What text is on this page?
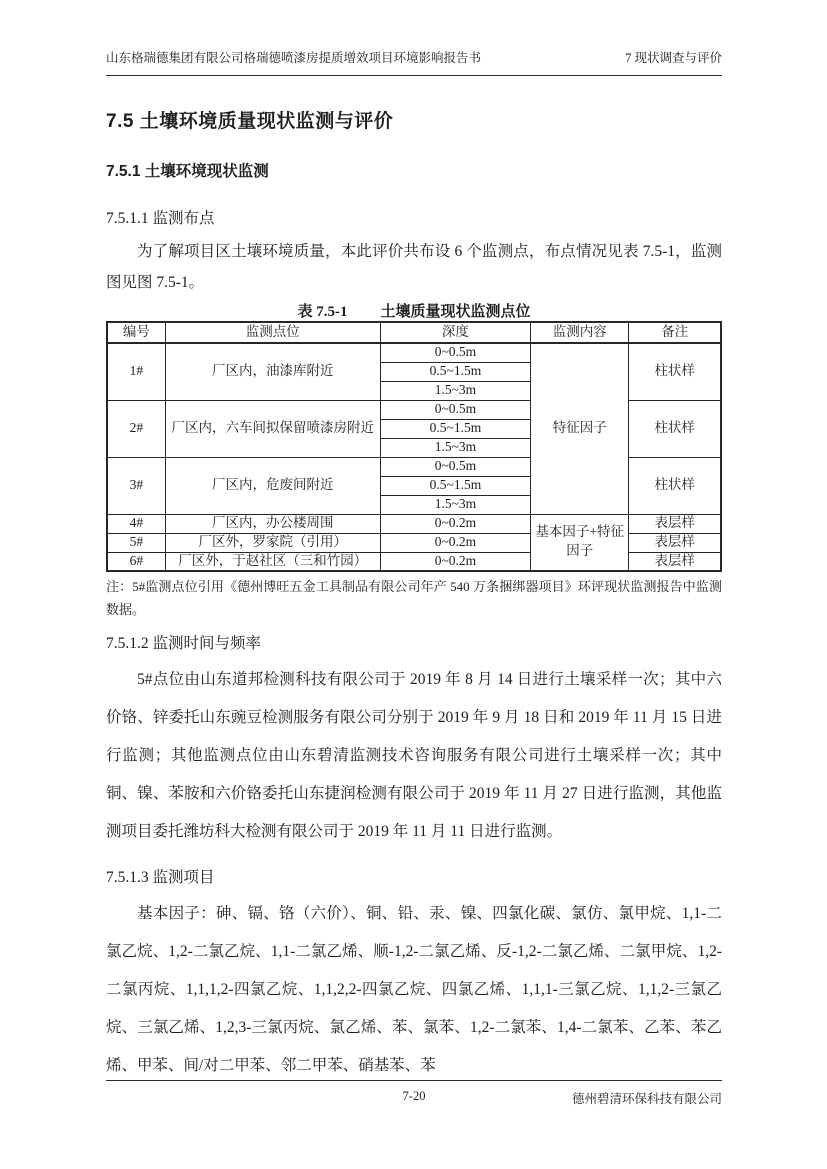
山东格瑞德集团有限公司格瑞德喷漆房提质增效项目环境影响报告书	7 现状调查与评价
7.5 土壤环境质量现状监测与评价
7.5.1 土壤环境现状监测
7.5.1.1 监测布点

为了解项目区土壤环境质量，本此评价共布设 6 个监测点，布点情况见表 7.5-1，监测图见图 7.5-1。

表 7.5-1 土壤质量现状监测点位
编号	监测点位	深度	监测内容	备注
1#	厂区内，油漆库附近	0~0.5m	特征因子	柱状样
		0.5~1.5m		
		1.5~3m		
2#	厂区内，六车间拟保留喷漆房附近	0~0.5m		柱状样
		0.5~1.5m		
		1.5~3m		
3#	厂区内，危废间附近	0~0.5m		柱状样
		0.5~1.5m		
		1.5~3m		
4#	厂区内，办公楼周围	0~0.2m	基本因子+特征因子	表层样
5#	厂区外，罗家院（引用）	0~0.2m		表层样
6#	厂区外，于赵社区（三和竹园）	0~0.2m		表层样
注：5#监测点位引用《德州博旺五金工具制品有限公司年产 540 万条捆绑器项目》环评现状监测报告中监测数据。
7.5.1.2 监测时间与频率

5#点位由山东道邦检测科技有限公司于 2019 年 8 月 14 日进行土壤采样一次；其中六价铬、锌委托山东豌豆检测服务有限公司分别于 2019 年 9 月 18 日和 2019 年 11 月 15 日进行监测；其他监测点位由山东碧清监测技术咨询服务有限公司进行土壤采样一次；其中铜、镍、苯胺和六价铬委托山东捷润检测有限公司于 2019 年 11 月 27 日进行监测，其他监测项目委托潍坊科大检测有限公司于 2019 年 11 月 11 日进行监测。

7.5.1.3 监测项目

基本因子：砷、镉、铬（六价）、铜、铅、汞、镍、四氯化碳、氯仿、氯甲烷、1,1-二氯乙烷、1,2-二氯乙烷、1,1-二氯乙烯、顺-1,2-二氯乙烯、反-1,2-二氯乙烯、二氯甲烷、1,2-二氯丙烷、1,1,1,2-四氯乙烷、1,1,2,2-四氯乙烷、四氯乙烯、1,1,1-三氯乙烷、1,1,2-三氯乙烷、三氯乙烯、1,2,3-三氯丙烷、氯乙烯、苯、氯苯、1,2-二氯苯、1,4-二氯苯、乙苯、苯乙烯、甲苯、间/对二甲苯、邻二甲苯、硝基苯、苯

7-20	德州碧清环保科技有限公司
